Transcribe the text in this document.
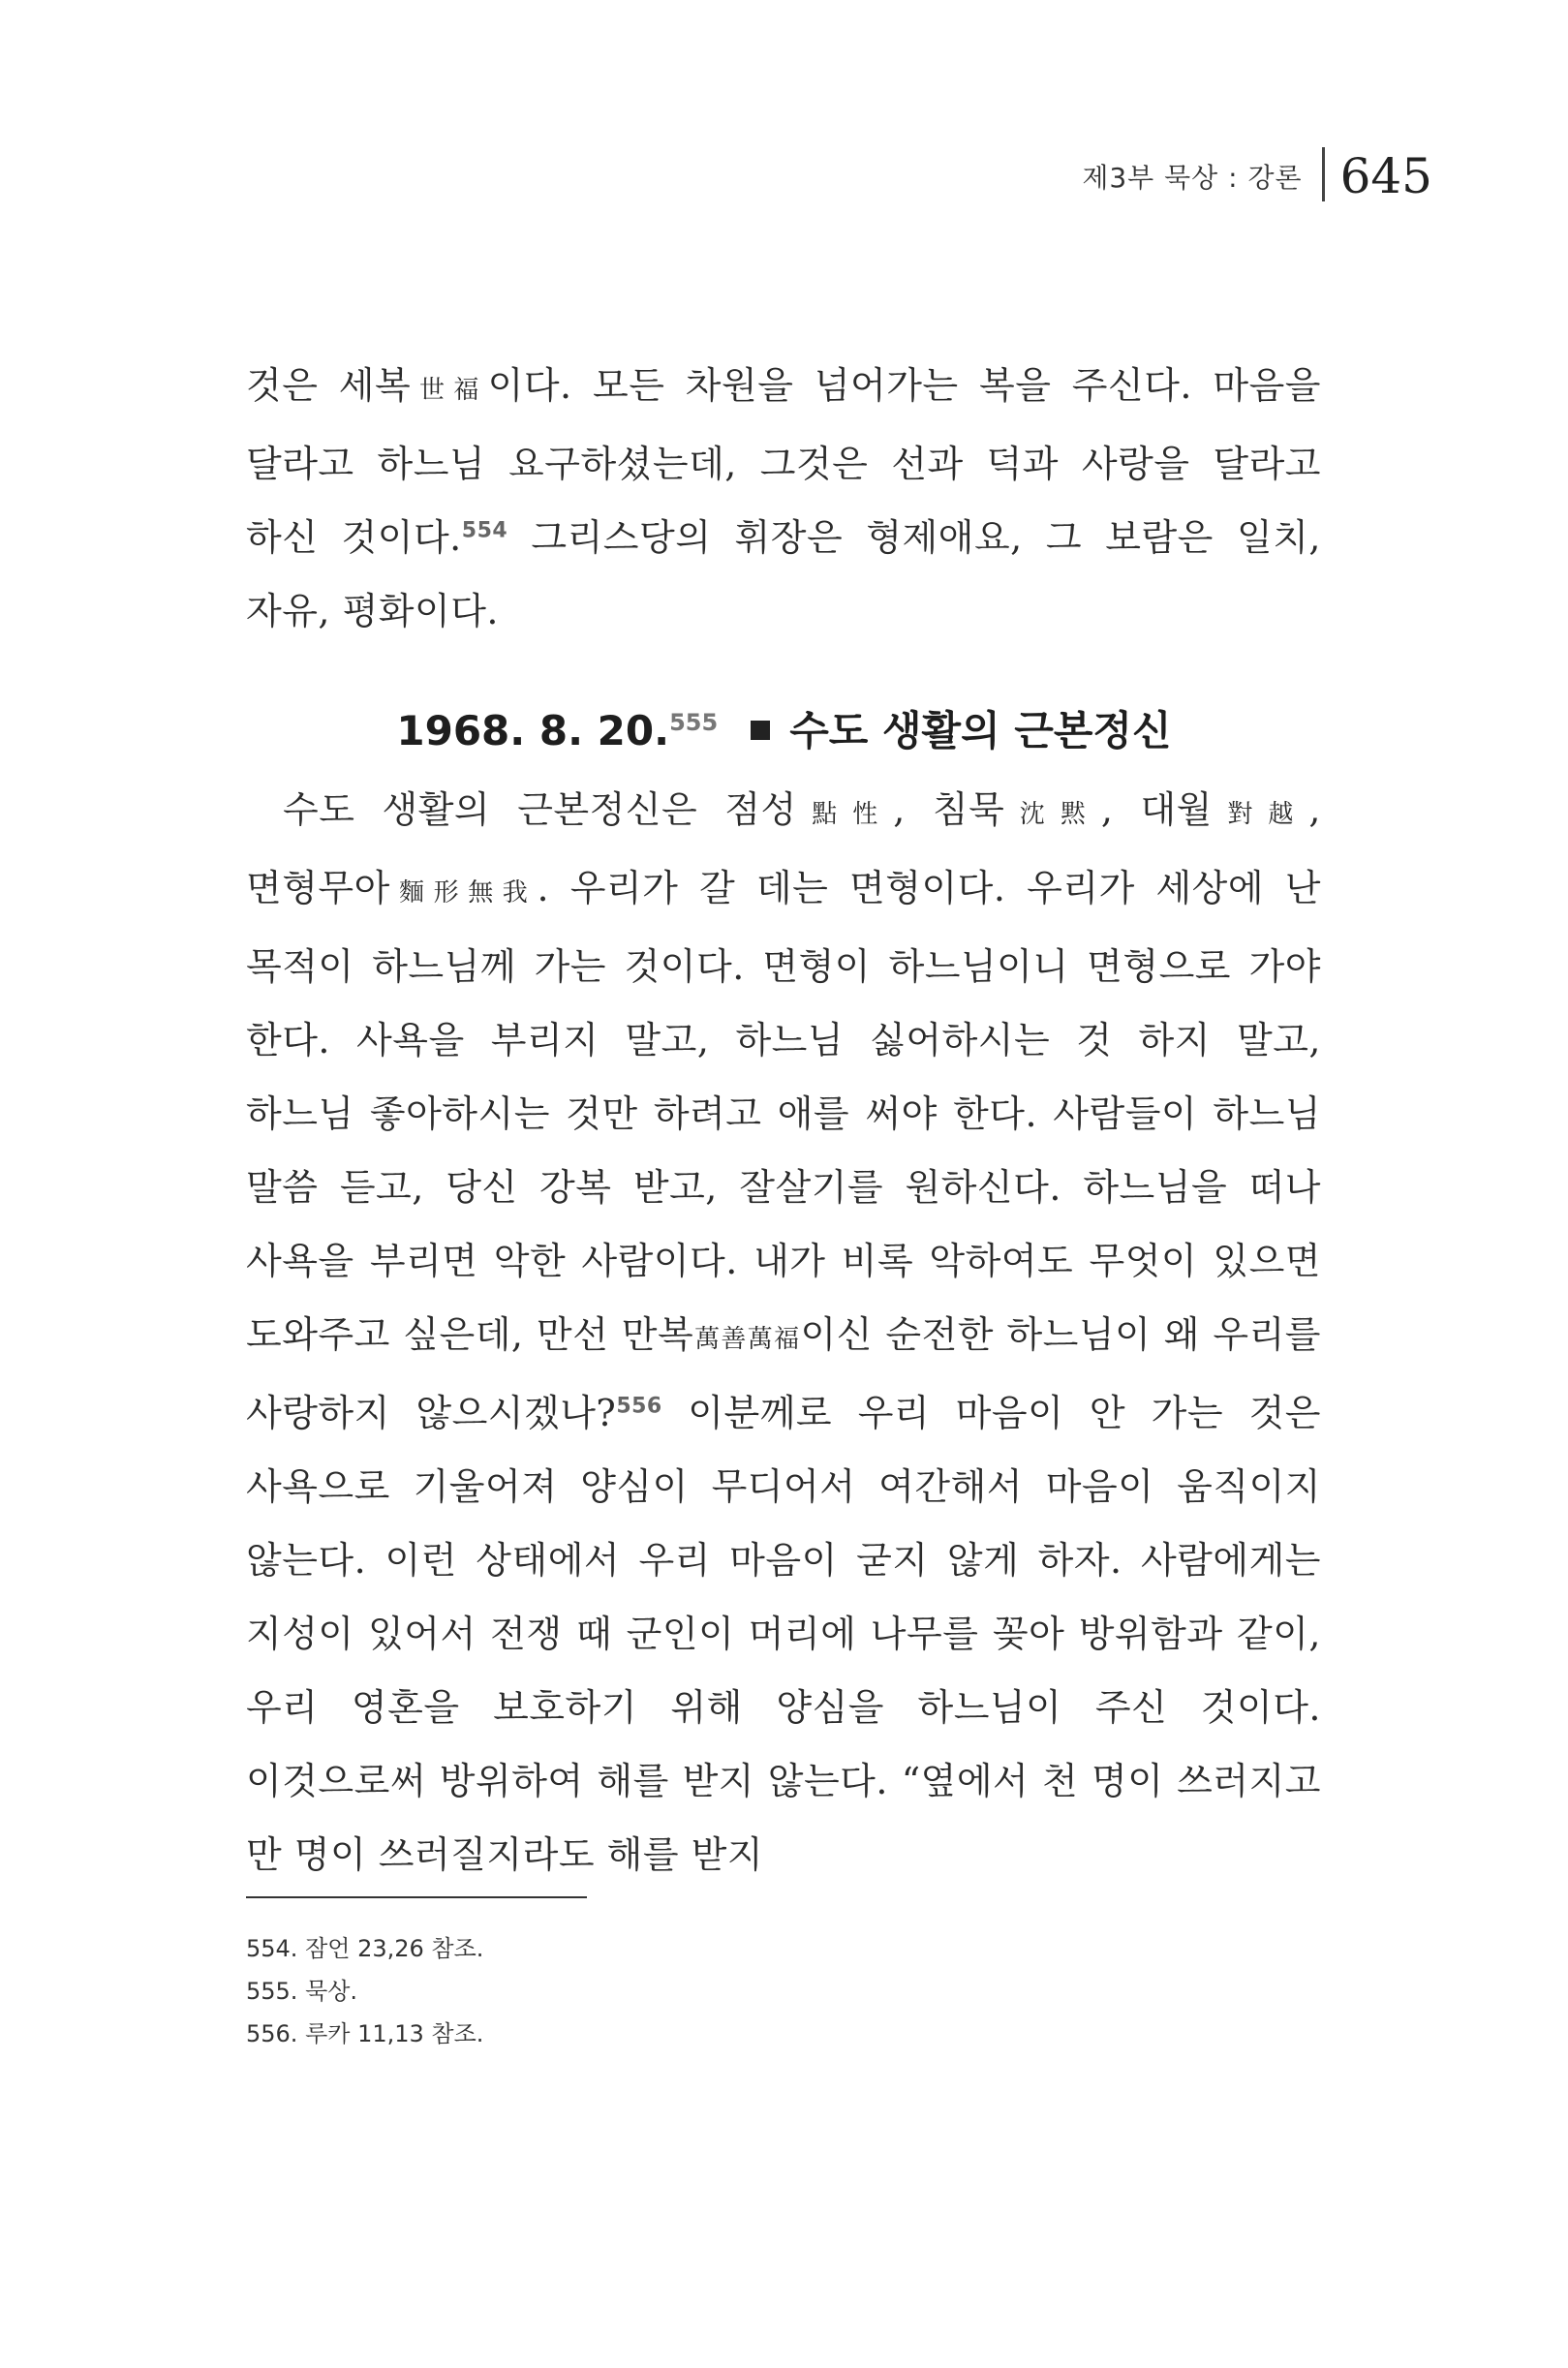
제3부 묵상 : 강론 645

것은 세복世福이다. 모든 차원을 넘어가는 복을 주신다. 마음을 달라고 하느님 요구하셨는데, 그것은 선과 덕과 사랑을 달라고 하신 것이다.$^{554}$ 그리스당의 휘장은 형제애요, 그 보람은 일치, 자유, 평화이다.

1968. 8. 20.$^{555}$ 수도 생활의 근본정신

수도 생활의 근본정신은 점성點性, 침묵沈黙, 대월對越, 면형무아麵形無我. 우리가 갈 데는 면형이다. 우리가 세상에 난 목적이 하느님께 가는 것이다. 면형이 하느님이니 면형으로 가야 한다. 사욕을 부리지 말고, 하느님 싫어하시는 것 하지 말고, 하느님 좋아하시는 것만 하려고 애를 써야 한다. 사람들이 하느님 말씀 듣고, 당신 강복 받고, 잘살기를 원하신다. 하느님을 떠나 사욕을 부리면 악한 사람이다. 내가 비록 악하여도 무엇이 있으면 도와주고 싶은데, 만선 만복萬善萬福이신 순전한 하느님이 왜 우리를 사랑하지 않으시겠나?$^{556}$ 이분께로 우리 마음이 안 가는 것은 사욕으로 기울어져 양심이 무디어서 여간해서 마음이 움직이지 않는다. 이런 상태에서 우리 마음이 굳지 않게 하자. 사람에게는 지성이 있어서 전쟁 때 군인이 머리에 나무를 꽂아 방위함과 같이, 우리 영혼을 보호하기 위해 양심을 하느님이 주신 것이다. 이것으로써 방위하여 해를 받지 않는다. “옆에서 천 명이 쓰러지고 만 명이 쓰러질지라도 해를 받지

554. 잠언 23,26 참조.
555. 묵상.
556. 루카 11,13 참조.
